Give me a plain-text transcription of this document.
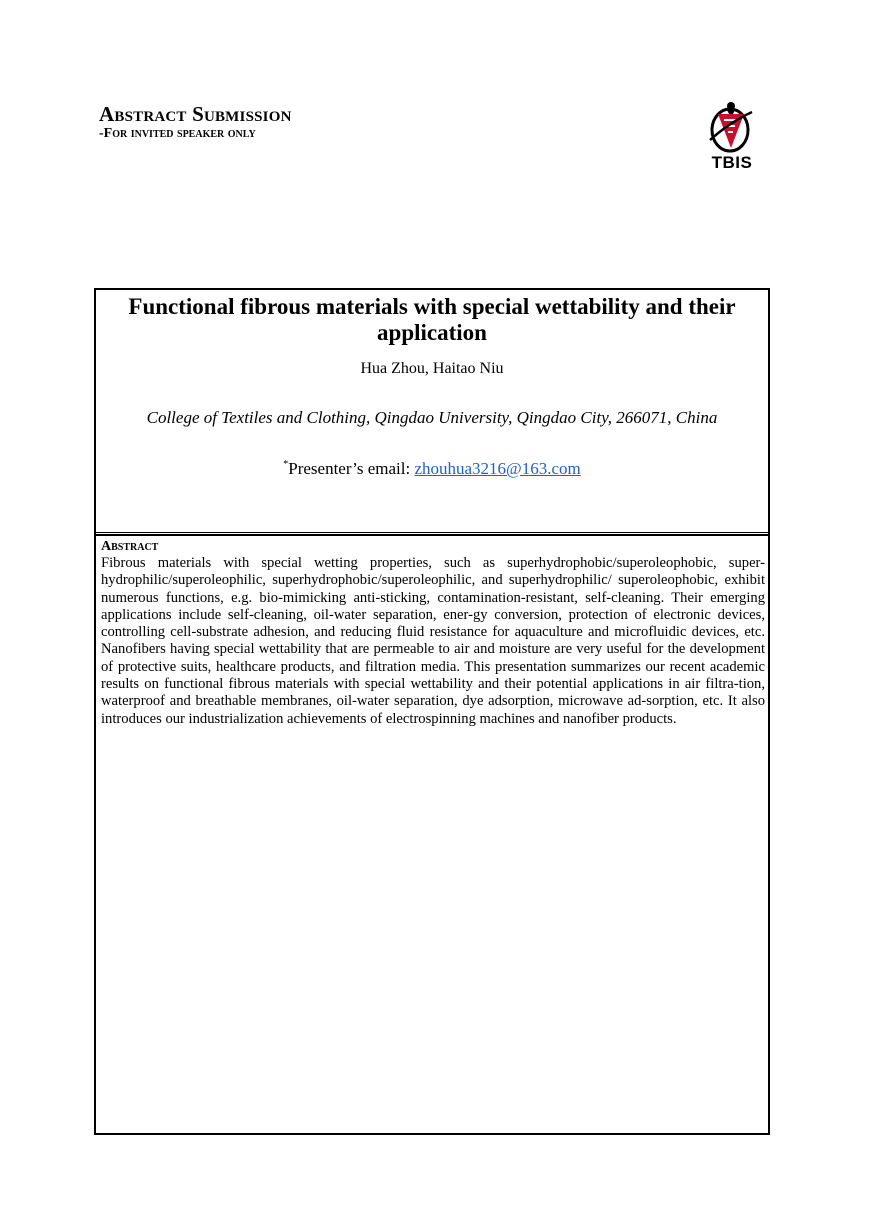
Abstract Submission
-For invited speaker only
TBIS
Functional fibrous materials with special wettability and their application
Hua Zhou, Haitao Niu
College of Textiles and Clothing, Qingdao University, Qingdao City, 266071, China
*Presenter’s email: zhouhua3216@163.com
Abstract
Fibrous materials with special wetting properties, such as superhydrophobic/superoleophobic, super-hydrophilic/superoleophilic, superhydrophobic/superoleophilic, and superhydrophilic/ superoleophobic, exhibit numerous functions, e.g. bio-mimicking anti-sticking, contamination-resistant, self-cleaning. Their emerging applications include self-cleaning, oil-water separation, ener-gy conversion, protection of electronic devices, controlling cell-substrate adhesion, and reducing fluid resistance for aquaculture and microfluidic devices, etc. Nanofibers having special wettability that are permeable to air and moisture are very useful for the development of protective suits, healthcare products, and filtration media. This presentation summarizes our recent academic results on functional fibrous materials with special wettability and their potential applications in air filtra-tion, waterproof and breathable membranes, oil-water separation, dye adsorption, microwave ad-sorption, etc. It also introduces our industrialization achievements of electrospinning machines and nanofiber products.
